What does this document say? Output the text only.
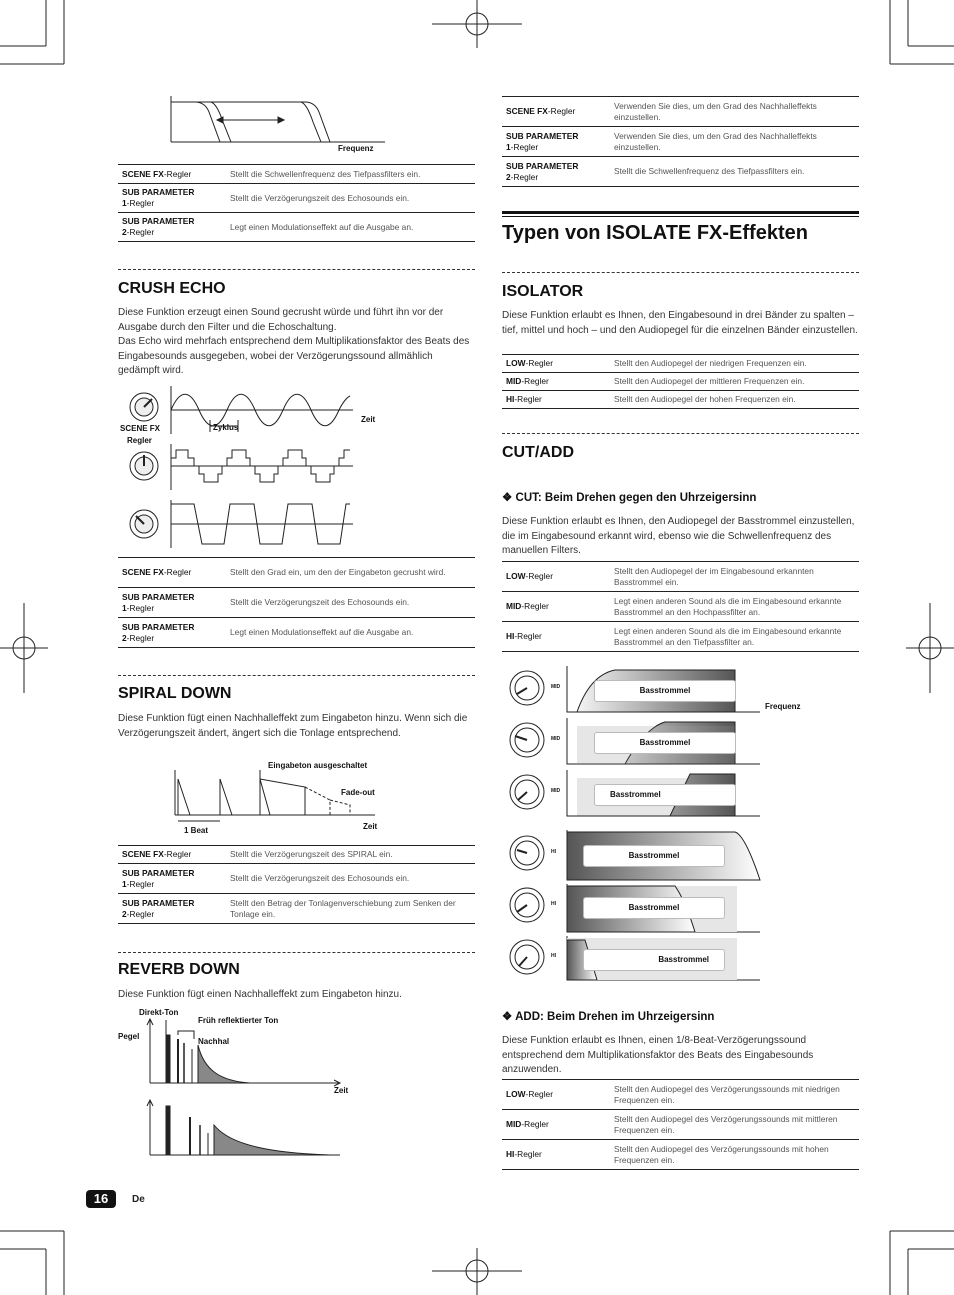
Frequenz
SCENE FX-Regler	Stellt die Schwellenfrequenz des Tiefpassfilters ein.
SUB PARAMETER
1-Regler	Stellt die Verzögerungszeit des Echosounds ein.
SUB PARAMETER
2-Regler	Legt einen Modulationseffekt auf die Ausgabe an.
CRUSH ECHO
Diese Funktion erzeugt einen Sound gecrusht würde und führt ihn vor der Ausgabe durch den Filter und die Echoschaltung.
Das Echo wird mehrfach entsprechend dem Multiplikationsfaktor des Beats des Eingabesounds ausgegeben, wobei der Verzögerungssound allmählich gedämpft wird.
SCENE FX
Regler
Zyklus
Zeit
SCENE FX-Regler	Stellt den Grad ein, um den der Eingabeton gecrusht wird.
SUB PARAMETER
1-Regler	Stellt die Verzögerungszeit des Echosounds ein.
SUB PARAMETER
2-Regler	Legt einen Modulationseffekt auf die Ausgabe an.
SPIRAL DOWN
Diese Funktion fügt einen Nachhalleffekt zum Eingabeton hinzu. Wenn sich die Verzögerungszeit ändert, ängert sich die Tonlage entsprechend.
Eingabeton ausgeschaltet
Fade-out
1 Beat	Zeit
SCENE FX-Regler	Stellt die Verzögerungszeit des SPIRAL ein.
SUB PARAMETER
1-Regler	Stellt die Verzögerungszeit des Echosounds ein.
SUB PARAMETER
2-Regler	Stellt den Betrag der Tonlagenverschiebung zum Senken der Tonlage ein.
REVERB DOWN
Diese Funktion fügt einen Nachhalleffekt zum Eingabeton hinzu.
Direkt-Ton
Früh reflektierter Ton
Pegel
Nachhal
Zeit
16	De
SCENE FX-Regler	Verwenden Sie dies, um den Grad des Nachhalleffekts einzustellen.
SUB PARAMETER
1-Regler	Verwenden Sie dies, um den Grad des Nachhalleffekts einzustellen.
SUB PARAMETER
2-Regler	Stellt die Schwellenfrequenz des Tiefpassfilters ein.
Typen von ISOLATE FX-Effekten
ISOLATOR
Diese Funktion erlaubt es Ihnen, den Eingabesound in drei Bänder zu spalten – tief, mittel und hoch – und den Audiopegel für die einzelnen Bänder einzustellen.
LOW-Regler	Stellt den Audiopegel der niedrigen Frequenzen ein.
MID-Regler	Stellt den Audiopegel der mittleren Frequenzen ein.
HI-Regler	Stellt den Audiopegel der hohen Frequenzen ein.
CUT/ADD
❖ CUT: Beim Drehen gegen den Uhrzeigersinn
Diese Funktion erlaubt es Ihnen, den Audiopegel der Basstrommel einzustellen, die im Eingabesound erkannt wird, ebenso wie die Schwellenfrequenz des manuellen Filters.
LOW-Regler	Stellt den Audiopegel der im Eingabesound erkannten Basstrommel ein.
MID-Regler	Legt einen anderen Sound als die im Eingabesound erkannte Basstrommel an den Hochpassfilter an.
HI-Regler	Legt einen anderen Sound als die im Eingabesound erkannte Basstrommel an den Tiefpassfilter an.
MID
MID
MID
HI
HI
HI
Basstrommel
Basstrommel
Basstrommel
Basstrommel
Basstrommel
Basstrommel
Frequenz
❖ ADD: Beim Drehen im Uhrzeigersinn
Diese Funktion erlaubt es Ihnen, einen 1/8-Beat-Verzögerungssound entsprechend dem Multiplikationsfaktor des Beats des Eingabesounds anzuwenden.
LOW-Regler	Stellt den Audiopegel des Verzögerungssounds mit niedrigen Frequenzen ein.
MID-Regler	Stellt den Audiopegel des Verzögerungssounds mit mittleren Frequenzen ein.
HI-Regler	Stellt den Audiopegel des Verzögerungssounds mit hohen Frequenzen ein.
